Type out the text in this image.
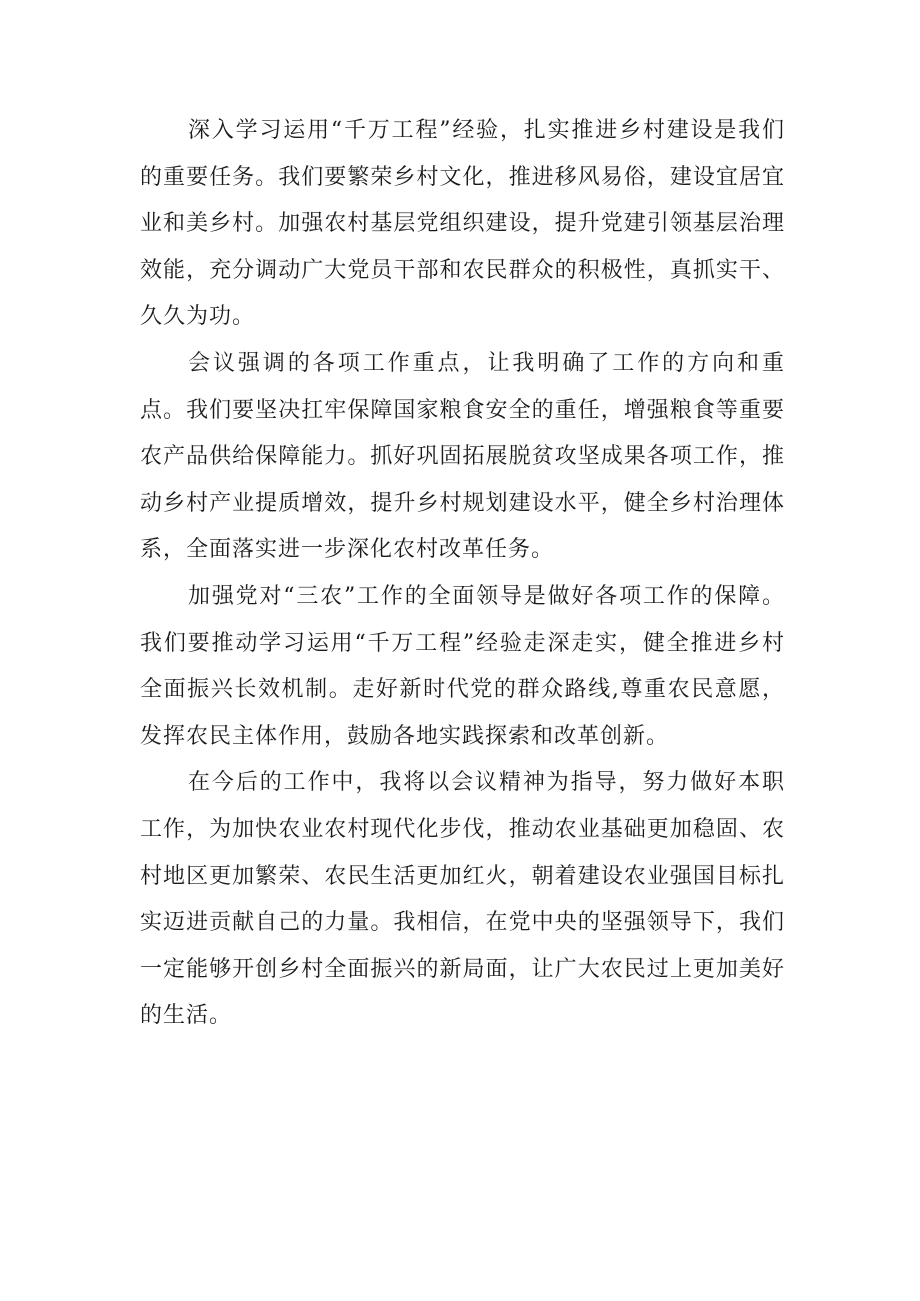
深入学习运用“千万工程”经验，扎实推进乡村建设是我们的重要任务。我们要繁荣乡村文化，推进移风易俗，建设宜居宜业和美乡村。加强农村基层党组织建设，提升党建引领基层治理效能，充分调动广大党员干部和农民群众的积极性，真抓实干、久久为功。

会议强调的各项工作重点，让我明确了工作的方向和重点。我们要坚决扛牢保障国家粮食安全的重任，增强粮食等重要农产品供给保障能力。抓好巩固拓展脱贫攻坚成果各项工作，推动乡村产业提质增效，提升乡村规划建设水平，健全乡村治理体系，全面落实进一步深化农村改革任务。

加强党对“三农”工作的全面领导是做好各项工作的保障。我们要推动学习运用“千万工程”经验走深走实，健全推进乡村全面振兴长效机制。走好新时代党的群众路线,尊重农民意愿，发挥农民主体作用，鼓励各地实践探索和改革创新。

在今后的工作中，我将以会议精神为指导，努力做好本职工作，为加快农业农村现代化步伐，推动农业基础更加稳固、农村地区更加繁荣、农民生活更加红火，朝着建设农业强国目标扎实迈进贡献自己的力量。我相信，在党中央的坚强领导下，我们一定能够开创乡村全面振兴的新局面，让广大农民过上更加美好的生活。
